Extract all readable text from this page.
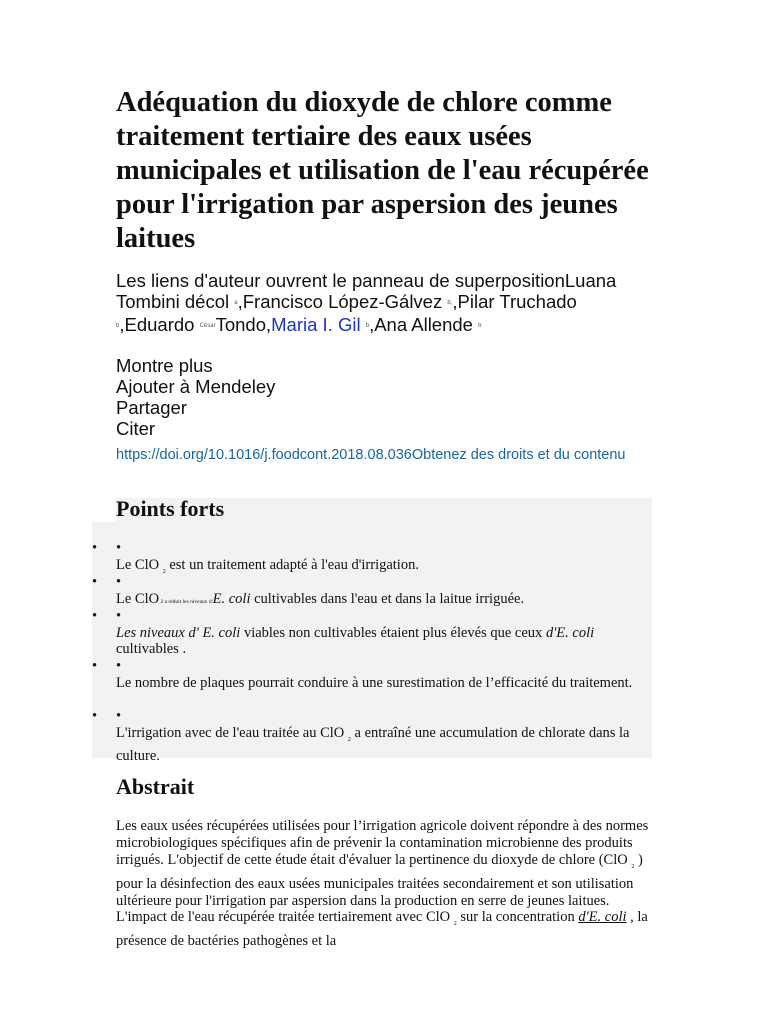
Adéquation du dioxyde de chlore comme traitement tertiaire des eaux usées municipales et utilisation de l'eau récupérée pour l'irrigation par aspersion des jeunes laitues
Les liens d'auteur ouvrent le panneau de superpositionLuana Tombini décol $^a$,Francisco López-Gálvez $^{b,}$,Pilar Truchado $^b$,Eduardo $^{César}$Tondo,Maria I. Gil $^b$,Ana Allende $^b$
Montre plus
Ajouter à Mendeley
Partager
Citer
https://doi.org/10.1016/j.foodcont.2018.08.036Obtenez des droits et du contenu
Points forts
• •
Le ClO $_2$ est un traitement adapté à l'eau d'irrigation.
• •
Le ClO 2 a réduit les niveaux d'E. coli cultivables dans l'eau et dans la laitue irriguée.
• •
Les niveaux d' E. coli viables non cultivables étaient plus élevés que ceux d'E. coli cultivables .
• •
Le nombre de plaques pourrait conduire à une surestimation de l’efficacité du traitement.
• •
L'irrigation avec de l'eau traitée au ClO $_2$ a entraîné une accumulation de chlorate dans la culture.
Abstrait

Les eaux usées récupérées utilisées pour l’irrigation agricole doivent répondre à des normes microbiologiques spécifiques afin de prévenir la contamination microbienne des produits irrigués. L'objectif de cette étude était d'évaluer la pertinence du dioxyde de chlore (ClO $_2$ ) pour la désinfection des eaux usées municipales traitées secondairement et son utilisation ultérieure pour l'irrigation par aspersion dans la production en serre de jeunes laitues. L'impact de l'eau récupérée traitée tertiairement avec ClO $_2$ sur la concentration d'E. coli , la présence de bactéries pathogènes et la
